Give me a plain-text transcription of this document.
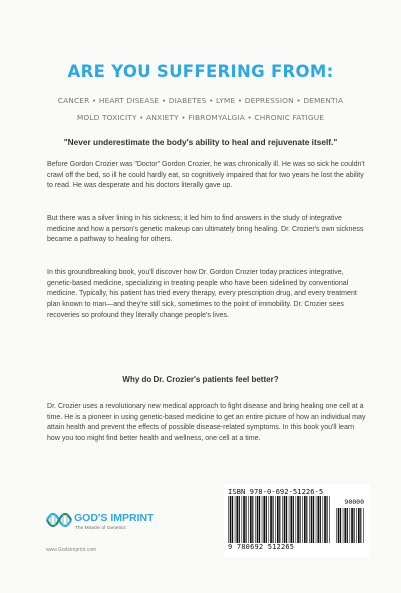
ARE YOU SUFFERING FROM:
CANCER • HEART DISEASE • DIABETES • LYME • DEPRESSION • DEMENTIA
MOLD TOXICITY • ANXIETY • FIBROMYALGIA • CHRONIC FATIGUE
"Never underestimate the body's ability to heal and rejuvenate itself."

Before Gordon Crozier was "Doctor" Gordon Crozier, he was chronically ill. He was so sick he couldn't crawl off the bed, so ill he could hardly eat, so cognitively impaired that for two years he lost the ability to read. He was desperate and his doctors literally gave up.

But there was a silver lining in his sickness; it led him to find answers in the study of integrative medicine and how a person's genetic makeup can ultimately bring healing. Dr. Crozier's own sickness became a pathway to healing for others.

In this groundbreaking book, you'll discover how Dr. Gordon Crozier today practices integrative, genetic-based medicine, specializing in treating people who have been sidelined by conventional medicine. Typically, his patient has tried every therapy, every prescription drug, and every treatment plan known to man—and they're still sick, sometimes to the point of immobility. Dr. Crozier sees recoveries so profound they literally change people's lives.

Why do Dr. Crozier's patients feel better?

Dr. Crozier uses a revolutionary new medical approach to fight disease and bring healing one cell at a time. He is a pioneer in using genetic-based medicine to get an entire picture of how an individual may attain health and prevent the effects of possible disease-related symptoms. In this book you'll learn how you too might find better health and wellness, one cell at a time.

GOD'S IMPRINT
The Miracle of Genetics
www.GodsImprint.com
ISBN 978-0-692-51226-5
90000
9 780692 512265
